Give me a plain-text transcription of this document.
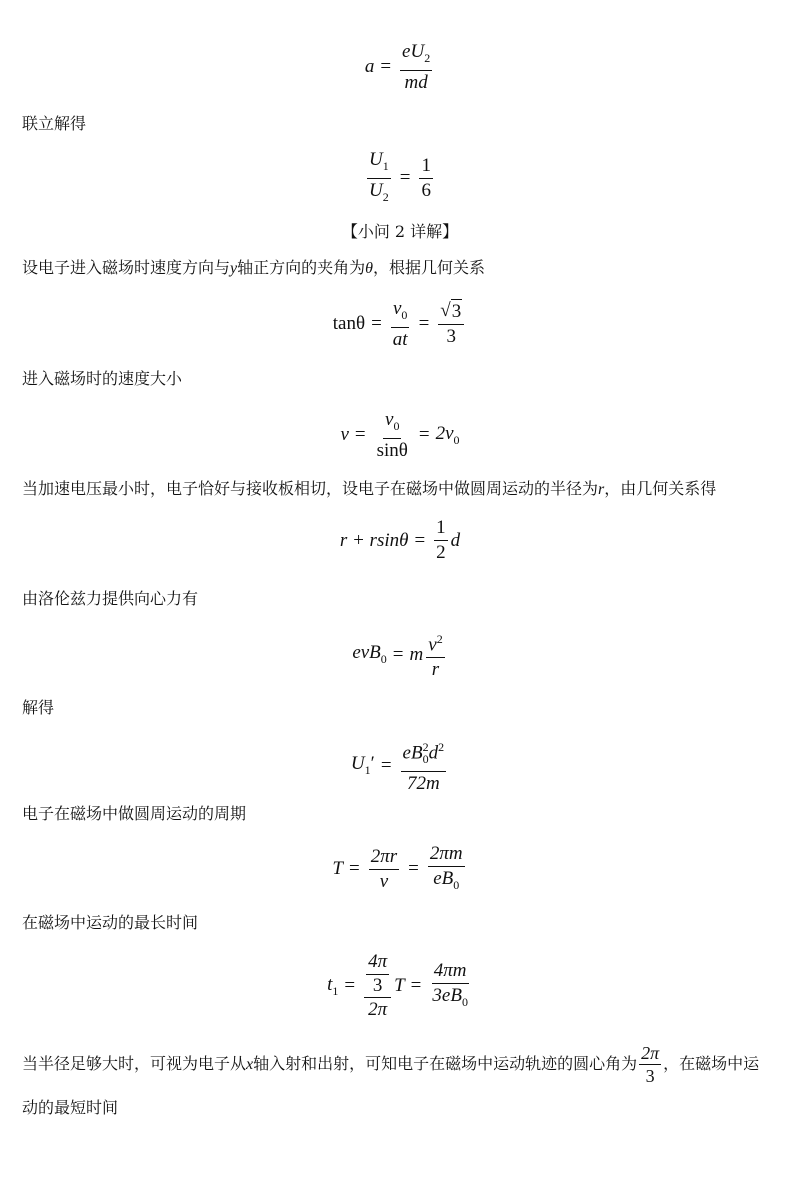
$a = \frac{eU_2}{md}$
联立解得
$\frac{U_1}{U_2} = \frac{1}{6}$
【小问 2 详解】
设电子进入磁场时速度方向与y轴正方向的夹角为θ，根据几何关系
$\tan\theta = \frac{v_0}{at} = \frac{√ 3}{3}$
进入磁场时的速度大小
$v = \frac{v_0}{\sin\theta} = 2v_0$
当加速电压最小时，电子恰好与接收板相切，设电子在磁场中做圆周运动的半径为r，由几何关系得
$r + rsin\theta = \frac{1}{2}$ d
由洛伦兹力提供向心力有
evB$_0$ = m $\frac{v^2}{r}$
解得
$U_1' = \frac{eB^2_0d^2}{72m}$
电子在磁场中做圆周运动的周期
$T = \frac{2\pi r}{v} = \frac{2\pi m}{eB_0}$
在磁场中运动的最长时间
$t_1 = \frac{\frac{4\pi}{3}}{2\pi}$ $T = \frac{4\pi m}{3eB_0}$
当半径足够大时，可视为电子从x轴入射和出射，可知电子在磁场中运动轨迹的圆心角为 $\frac{2\pi}{3}$ ，在磁场中运
动的最短时间
